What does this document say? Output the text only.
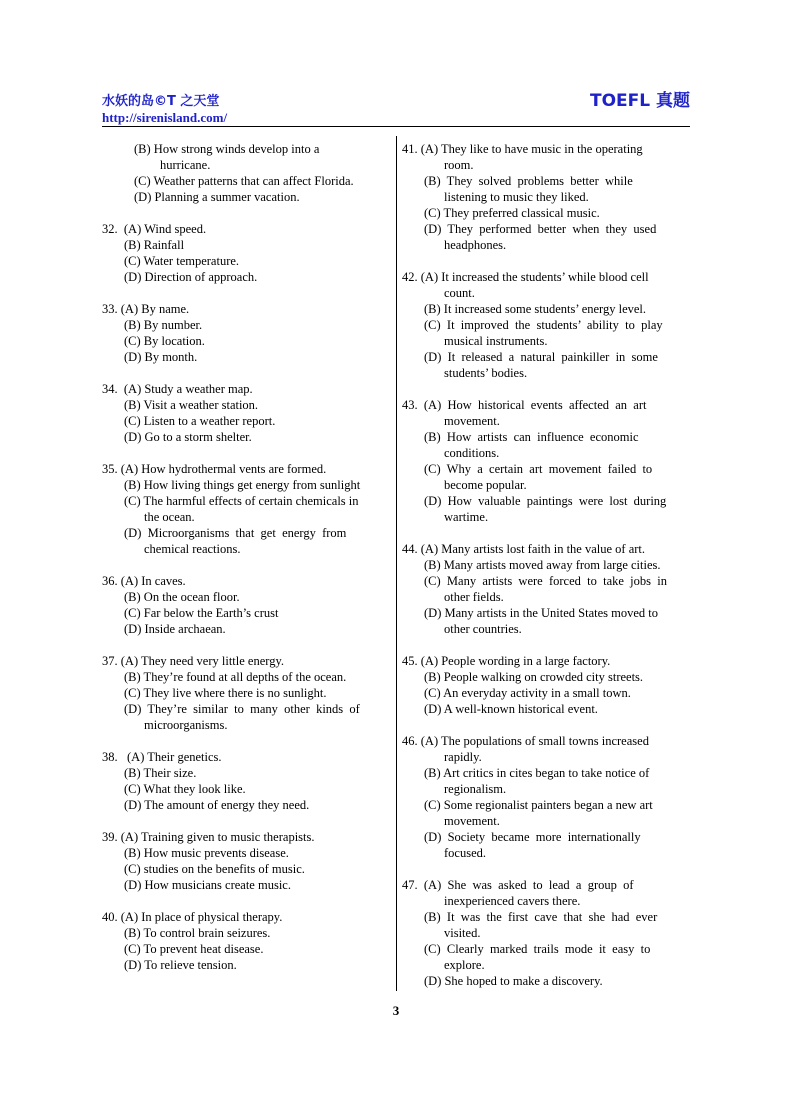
水妖的岛©T 之天堂
http://sirenisland.com/
TOEFL 真题
(B) How strong winds develop into a
hurricane.
(C) Weather patterns that can affect Florida.
(D) Planning a summer vacation.
32.  (A) Wind speed.
(B) Rainfall
(C) Water temperature.
(D) Direction of approach.
33. (A) By name.
(B) By number.
(C) By location.
(D) By month.
34.  (A) Study a weather map.
(B) Visit a weather station.
(C) Listen to a weather report.
(D) Go to a storm shelter.
35. (A) How hydrothermal vents are formed.
(B) How living things get energy from sunlight
(C) The harmful effects of certain chemicals in
the ocean.
(D)  Microorganisms  that  get  energy  from
chemical reactions.
36. (A) In caves.
(B) On the ocean floor.
(C) Far below the Earth’s crust
(D) Inside archaean.
37. (A) They need very little energy.
(B) They’re found at all depths of the ocean.
(C) They live where there is no sunlight.
(D)  They’re  similar  to  many  other  kinds  of
microorganisms.
38.   (A) Their genetics.
(B) Their size.
(C) What they look like.
(D) The amount of energy they need.
39. (A) Training given to music therapists.
(B) How music prevents disease.
(C) studies on the benefits of music.
(D) How musicians create music.
40. (A) In place of physical therapy.
(B) To control brain seizures.
(C) To prevent heat disease.
(D) To relieve tension.
41. (A) They like to have music in the operating
room.
(B)  They  solved  problems  better  while
listening to music they liked.
(C) They preferred classical music.
(D)  They  performed  better  when  they  used
headphones.
42. (A) It increased the students’ while blood cell
count.
(B) It increased some students’ energy level.
(C)  It  improved  the  students’  ability  to  play
musical instruments.
(D)  It  released  a  natural  painkiller  in  some
students’ bodies.
43.  (A)  How  historical  events  affected  an  art
movement.
(B)  How  artists  can  influence  economic
conditions.
(C)  Why  a  certain  art  movement  failed  to
become popular.
(D)  How  valuable  paintings  were  lost  during
wartime.
44. (A) Many artists lost faith in the value of art.
(B) Many artists moved away from large cities.
(C)  Many  artists  were  forced  to  take  jobs  in
other fields.
(D) Many artists in the United States moved to
other countries.
45. (A) People wording in a large factory.
(B) People walking on crowded city streets.
(C) An everyday activity in a small town.
(D) A well-known historical event.
46. (A) The populations of small towns increased
rapidly.
(B) Art critics in cites began to take notice of
regionalism.
(C) Some regionalist painters began a new art
movement.
(D)  Society  became  more  internationally
focused.
47.  (A)  She  was  asked  to  lead  a  group  of
inexperienced cavers there.
(B)  It  was  the  first  cave  that  she  had  ever
visited.
(C)  Clearly  marked  trails  mode  it  easy  to
explore.
(D) She hoped to make a discovery.
3
